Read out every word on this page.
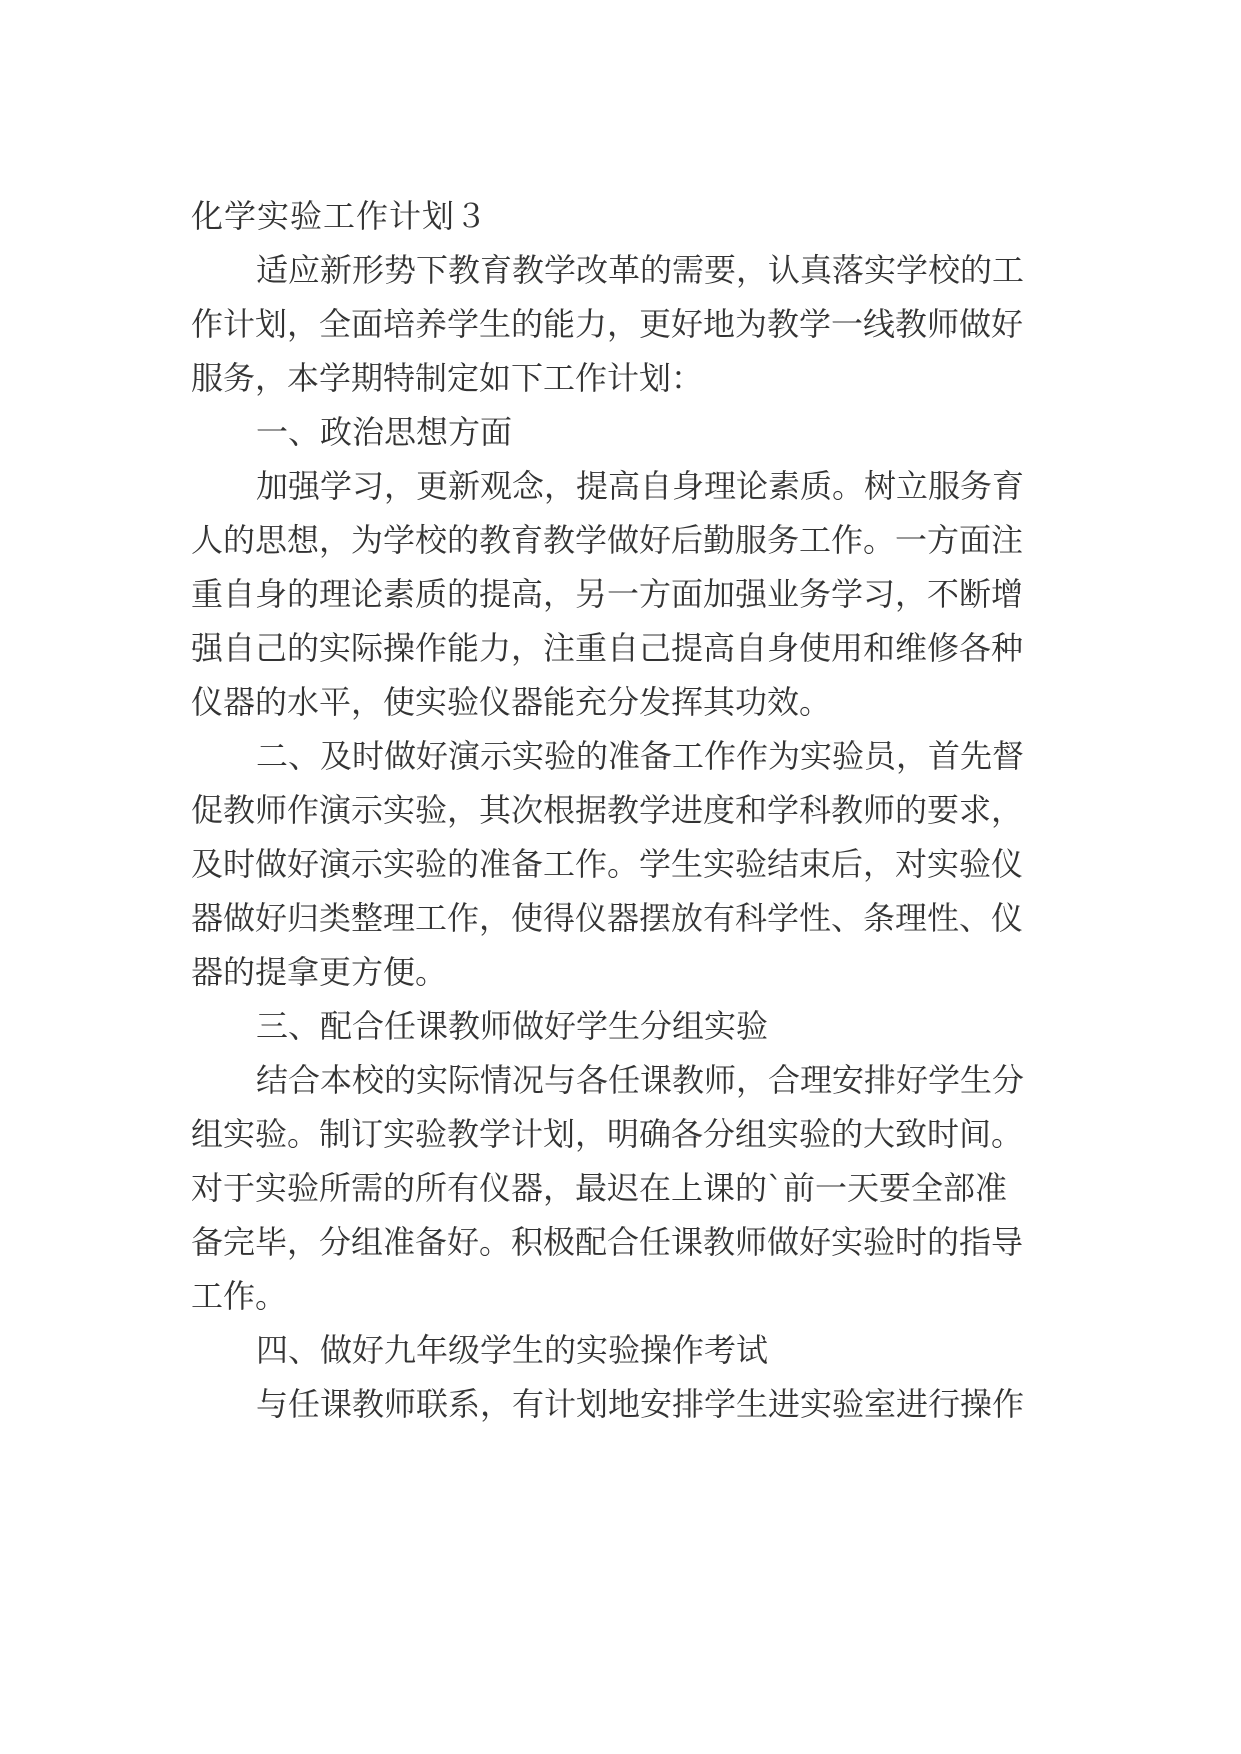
化学实验工作计划３
适应新形势下教育教学改革的需要，认真落实学校的工
作计划，全面培养学生的能力，更好地为教学一线教师做好
服务，本学期特制定如下工作计划：
一、政治思想方面
加强学习，更新观念，提高自身理论素质。树立服务育
人的思想，为学校的教育教学做好后勤服务工作。一方面注
重自身的理论素质的提高，另一方面加强业务学习，不断增
强自己的实际操作能力，注重自己提高自身使用和维修各种
仪器的水平，使实验仪器能充分发挥其功效。
二、及时做好演示实验的准备工作作为实验员，首先督
促教师作演示实验，其次根据教学进度和学科教师的要求，
及时做好演示实验的准备工作。学生实验结束后，对实验仪
器做好归类整理工作，使得仪器摆放有科学性、条理性、仪
器的提拿更方便。
三、配合任课教师做好学生分组实验
结合本校的实际情况与各任课教师，合理安排好学生分
组实验。制订实验教学计划，明确各分组实验的大致时间。
对于实验所需的所有仪器，最迟在上课的`前一天要全部准
备完毕，分组准备好。积极配合任课教师做好实验时的指导
工作。
四、做好九年级学生的实验操作考试
与任课教师联系，有计划地安排学生进实验室进行操作
